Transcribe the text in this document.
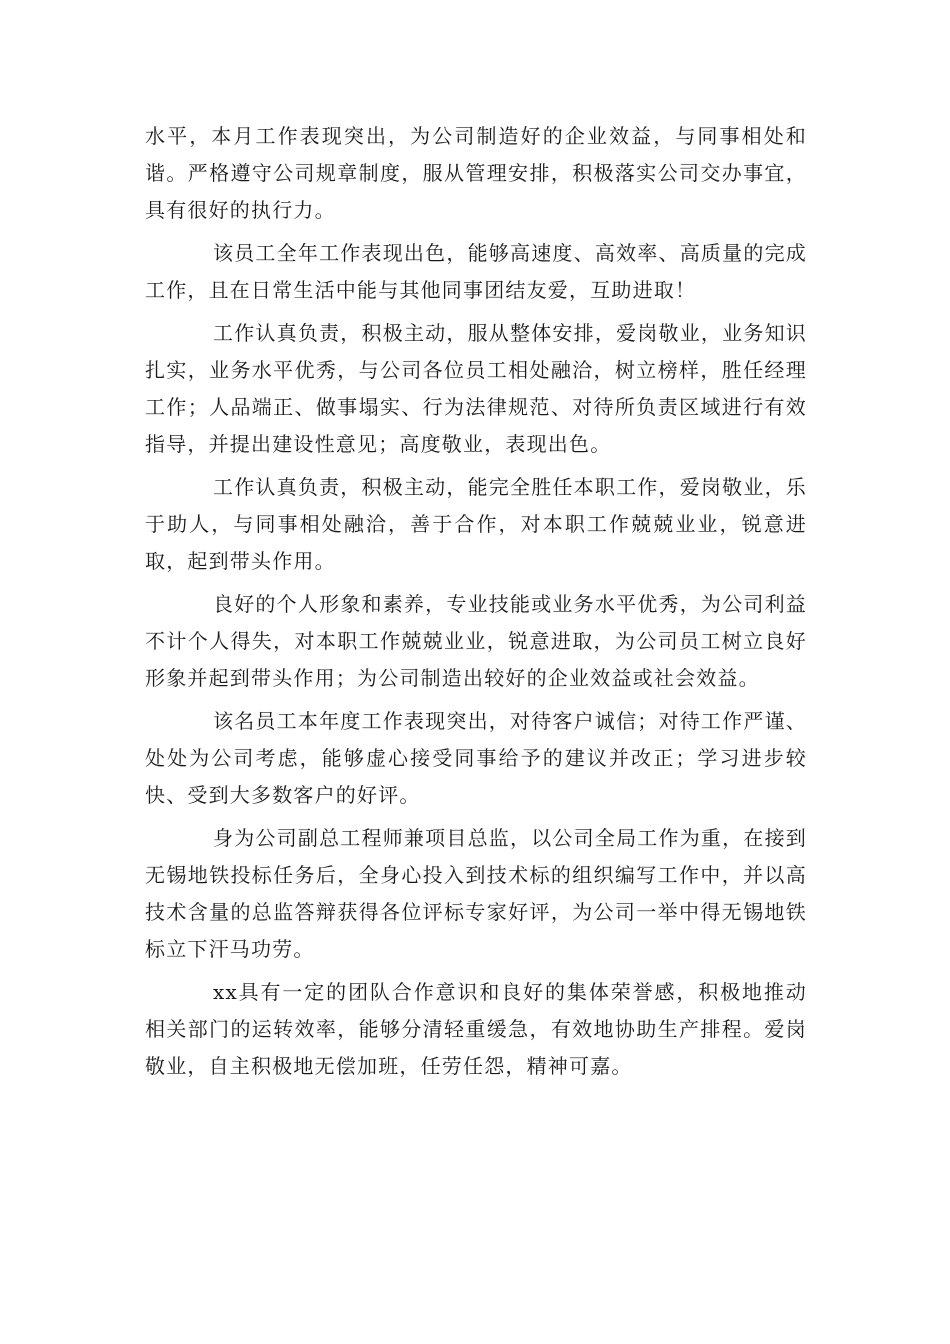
水平，本月工作表现突出，为公司制造好的企业效益，与同事相处和谐。严格遵守公司规章制度，服从管理安排，积极落实公司交办事宜，具有很好的执行力。

该员工全年工作表现出色，能够高速度、高效率、高质量的完成工作，且在日常生活中能与其他同事团结友爱，互助进取！

工作认真负责，积极主动，服从整体安排，爱岗敬业，业务知识扎实，业务水平优秀，与公司各位员工相处融洽，树立榜样，胜任经理工作；人品端正、做事塌实、行为法律规范、对待所负责区域进行有效指导，并提出建设性意见；高度敬业，表现出色。

工作认真负责，积极主动，能完全胜任本职工作，爱岗敬业，乐于助人，与同事相处融洽，善于合作，对本职工作兢兢业业，锐意进取，起到带头作用。

良好的个人形象和素养，专业技能或业务水平优秀，为公司利益不计个人得失，对本职工作兢兢业业，锐意进取，为公司员工树立良好形象并起到带头作用；为公司制造出较好的企业效益或社会效益。

该名员工本年度工作表现突出，对待客户诚信；对待工作严谨、处处为公司考虑，能够虚心接受同事给予的建议并改正；学习进步较快、受到大多数客户的好评。

身为公司副总工程师兼项目总监，以公司全局工作为重，在接到无锡地铁投标任务后，全身心投入到技术标的组织编写工作中，并以高技术含量的总监答辩获得各位评标专家好评，为公司一举中得无锡地铁标立下汗马功劳。

xx具有一定的团队合作意识和良好的集体荣誉感，积极地推动相关部门的运转效率，能够分清轻重缓急，有效地协助生产排程。爱岗敬业，自主积极地无偿加班，任劳任怨，精神可嘉。
